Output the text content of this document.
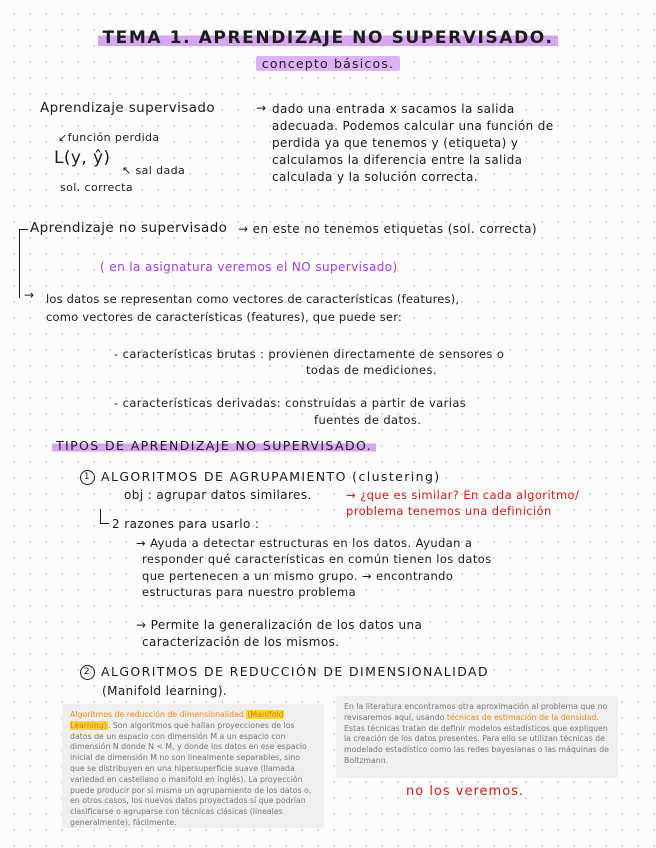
TEMA 1. APRENDIZAJE NO SUPERVISADO.
concepto básicos.
Aprendizaje supervisado	→ dado una entrada x sacamos la salida
adecuada. Podemos calcular una función de
perdida ya que tenemos y (etiqueta) y
calculamos la diferencia entre la salida
calculada y la solución correcta.
↙función perdida
L(y, ŷ)
↖ sal dada
sol. correcta
→
Aprendizaje no supervisado → en este no tenemos etiquetas (sol. correcta)
( en la asignatura veremos el NO supervisado)
los datos se representan como vectores de características (features),
como vectores de características (features), que puede ser:
- características brutas : provienen directamente de sensores o
todas de mediciones.
- características derivadas: construidas a partir de varias
fuentes de datos.
TIPOS DE APRENDIZAJE NO SUPERVISADO.
1 ALGORITMOS DE AGRUPAMIENTO (clustering)
obj : agrupar datos similares.	→ ¿que es similar? En cada algoritmo/
problema tenemos una definición
2 razones para usarlo :
→ Ayuda a detectar estructuras en los datos. Ayudan a
responder qué características en común tienen los datos
que pertenecen a un mismo grupo. → encontrando
estructuras para nuestro problema
→ Permite la generalización de los datos una
caracterización de los mismos.
2 ALGORITMOS DE REDUCCIÓN DE DIMENSIONALIDAD
(Manifold learning).

Algoritmos de reducción de dimensionalidad (Manifold Learning). Son algoritmos que hallan proyecciones de los datos de un espacio con dimensión M a un espacio con dimensión N donde N < M, y donde los datos en ese espacio inicial de dimensión M no son linealmente separables, sino que se distribuyen en una hipersuperficie suave (llamada variedad en castellano o manifold en inglés). La proyección puede producir por sí misma un agrupamiento de los datos o, en otros casos, los nuevos datos proyectados sí que podrían clasificarse o agruparse con técnicas clásicas (lineales generalmente), fácilmente.

En la literatura encontramos otra aproximación al problema que no revisaremos aquí, usando técnicas de estimación de la densidad. Estas técnicas tratan de definir modelos estadísticos que expliquen la creación de los datos presentes. Para ello se utilizan técnicas de modelado estadístico como las redes bayesianas o las máquinas de Boltzmann.

no los veremos.
